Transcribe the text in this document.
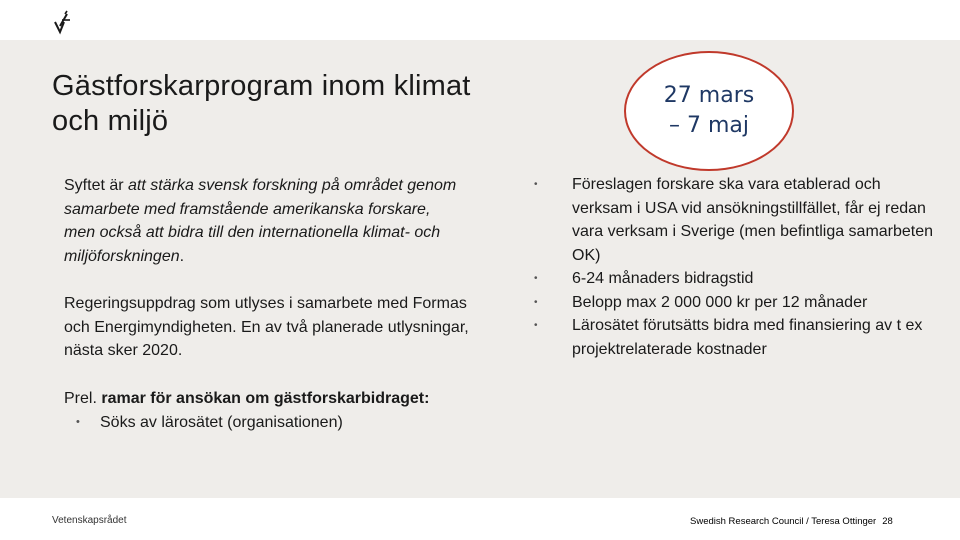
Gästforskarprogram inom klimat
och miljö
27 mars
– 7 maj

Syftet är att stärka svensk forskning på området genom samarbete med framstående amerikanska forskare, men också att bidra till den internationella klimat- och miljöforskningen.

Regeringsuppdrag som utlyses i samarbete med Formas och Energimyndigheten. En av två planerade utlysningar, nästa sker 2020.

Prel. ramar för ansökan om gästforskarbidraget:

•	Söks av lärosätet (organisationen)
•	Föreslagen forskare ska vara etablerad och verksam i USA vid ansökningstillfället, får ej redan vara verksam i Sverige (men befintliga samarbeten OK)
•	6-24 månaders bidragstid
•	Belopp max 2 000 000 kr per 12 månader
•	Lärosätet förutsätts bidra med finansiering av t ex projektrelaterade kostnader
Vetenskapsrådet	Swedish Research Council / Teresa Ottinger 28
